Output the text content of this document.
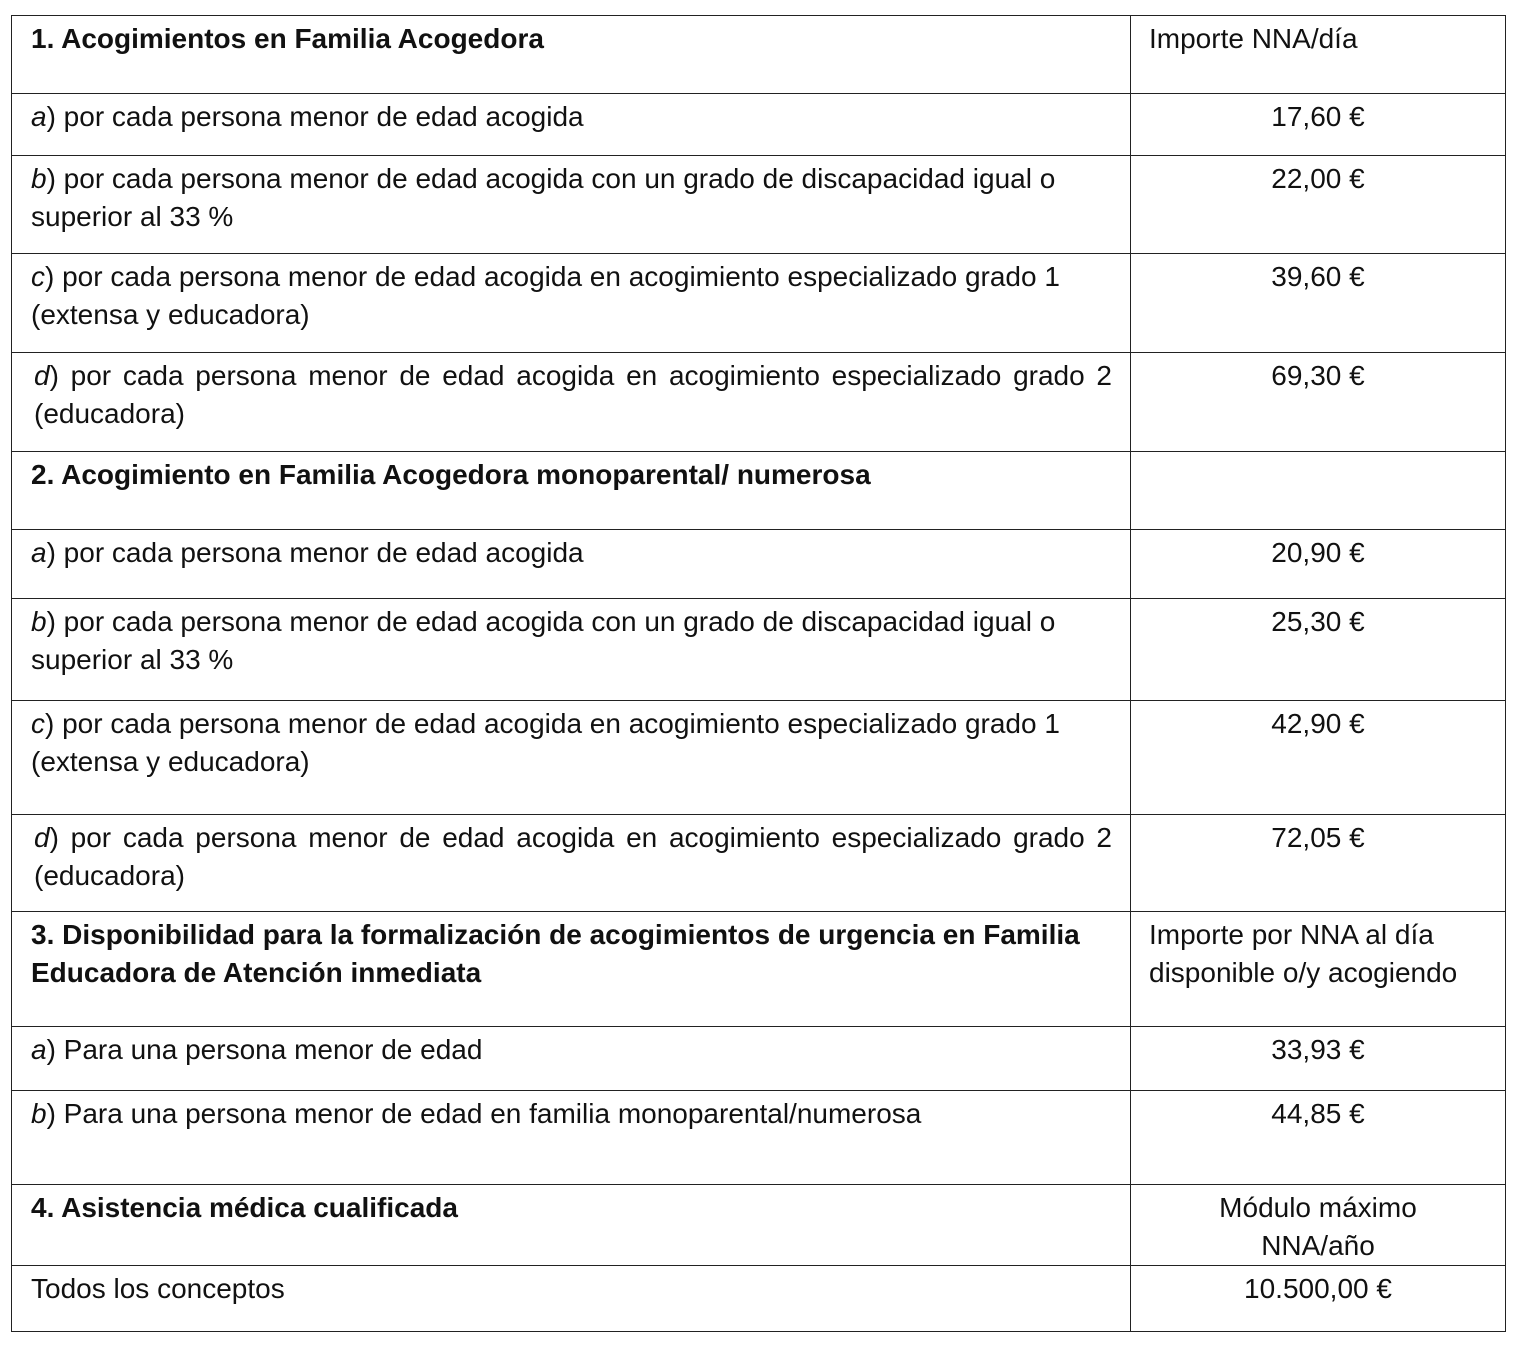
1. Acogimientos en Familia Acogedora	Importe NNA/día
a) por cada persona menor de edad acogida	17,60 €
b) por cada persona menor de edad acogida con un grado de discapacidad igual o superior al 33 %	22,00 €
c) por cada persona menor de edad acogida en acogimiento especializado grado 1 (extensa y educadora)	39,60 €
d) por cada persona menor de edad acogida en acogimiento especializado grado 2 (educadora)	69,30 €
2. Acogimiento en Familia Acogedora monoparental/ numerosa	
a) por cada persona menor de edad acogida	20,90 €
b) por cada persona menor de edad acogida con un grado de discapacidad igual o superior al 33 %	25,30 €
c) por cada persona menor de edad acogida en acogimiento especializado grado 1 (extensa y educadora)	42,90 €
d) por cada persona menor de edad acogida en acogimiento especializado grado 2 (educadora)	72,05 €
3. Disponibilidad para la formalización de acogimientos de urgencia en Familia Educadora de Atención inmediata	Importe por NNA al día disponible o/y acogiendo
a) Para una persona menor de edad	33,93 €
b) Para una persona menor de edad en familia monoparental/numerosa	44,85 €
4. Asistencia médica cualificada	Módulo máximo NNA/año
Todos los conceptos	10.500,00 €
